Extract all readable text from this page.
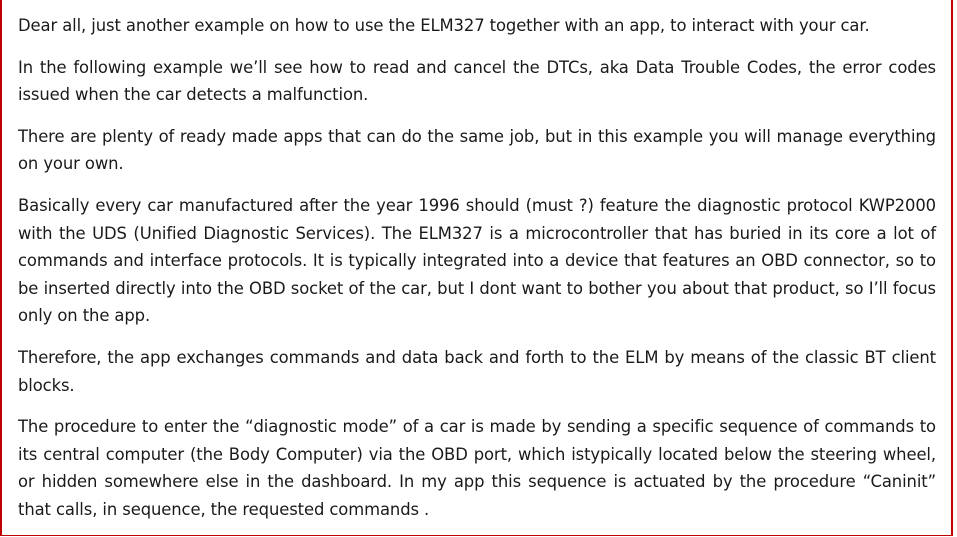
Dear all, just another example on how to use the ELM327 together with an app, to interact with your car.

In the following example we’ll see how to read and cancel the DTCs, aka Data Trouble Codes, the error codes issued when the car detects a malfunction.

There are plenty of ready made apps that can do the same job, but in this example you will manage everything on your own.

Basically every car manufactured after the year 1996 should (must ?) feature the diagnostic protocol KWP2000 with the UDS (Unified Diagnostic Services). The ELM327 is a microcontroller that has buried in its core a lot of commands and interface protocols. It is typically integrated into a device that features an OBD connector, so to be inserted directly into the OBD socket of the car, but I dont want to bother you about that product, so I’ll focus only on the app.

Therefore, the app exchanges commands and data back and forth to the ELM by means of the classic BT client blocks.

The procedure to enter the “diagnostic mode” of a car is made by sending a specific sequence of commands to its central computer (the Body Computer) via the OBD port, which istypically located below the steering wheel, or hidden somewhere else in the dashboard. In my app this sequence is actuated by the procedure “Caninit” that calls, in sequence, the requested commands .
